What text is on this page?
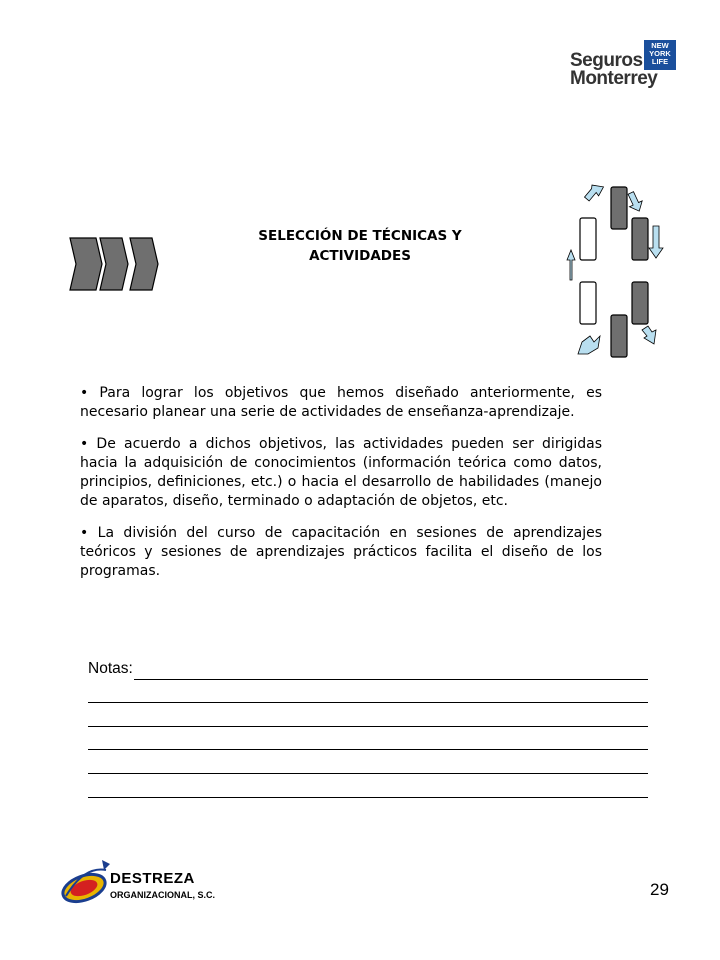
NEW
YORK
LIFE
Seguros
Monterrey
SELECCIÓN DE TÉCNICAS Y ACTIVIDADES

• Para lograr los objetivos que hemos diseñado anteriormente, es necesario planear una serie de actividades de enseñanza-aprendizaje.

• De acuerdo a dichos objetivos, las actividades pueden ser dirigidas hacia la adquisición de conocimientos (información teórica como datos, principios, definiciones, etc.) o hacia el desarrollo de habilidades (manejo de aparatos, diseño, terminado o adaptación de objetos, etc.

• La división del curso de capacitación en sesiones de aprendizajes teóricos y sesiones de aprendizajes prácticos facilita el diseño de los programas.

Notas:
DESTREZA
ORGANIZACIONAL, S.C.	29
